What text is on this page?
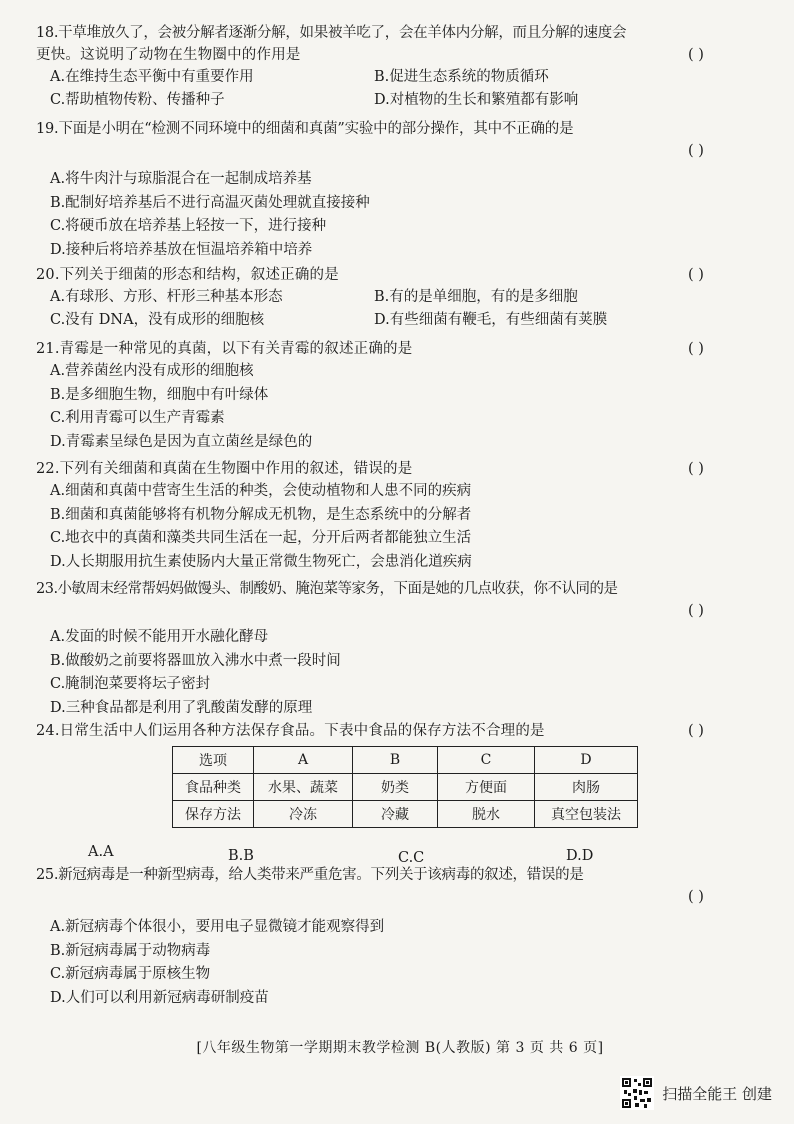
18.干草堆放久了，会被分解者逐渐分解，如果被羊吃了，会在羊体内分解，而且分解的速度会
更快。这说明了动物在生物圈中的作用是	( )
A.在维持生态平衡中有重要作用	B.促进生态系统的物质循环
C.帮助植物传粉、传播种子	D.对植物的生长和繁殖都有影响
19.下面是小明在“检测不同环境中的细菌和真菌”实验中的部分操作，其中不正确的是
( )
A.将牛肉汁与琼脂混合在一起制成培养基
B.配制好培养基后不进行高温灭菌处理就直接接种
C.将硬币放在培养基上轻按一下，进行接种
D.接种后将培养基放在恒温培养箱中培养
20.下列关于细菌的形态和结构，叙述正确的是	( )
A.有球形、方形、杆形三种基本形态	B.有的是单细胞，有的是多细胞
C.没有 DNA，没有成形的细胞核	D.有些细菌有鞭毛，有些细菌有荚膜
21.青霉是一种常见的真菌，以下有关青霉的叙述正确的是	( )
A.营养菌丝内没有成形的细胞核
B.是多细胞生物，细胞中有叶绿体
C.利用青霉可以生产青霉素
D.青霉素呈绿色是因为直立菌丝是绿色的
22.下列有关细菌和真菌在生物圈中作用的叙述，错误的是	( )
A.细菌和真菌中营寄生生活的种类，会使动植物和人患不同的疾病
B.细菌和真菌能够将有机物分解成无机物，是生态系统中的分解者
C.地衣中的真菌和藻类共同生活在一起，分开后两者都能独立生活
D.人长期服用抗生素使肠内大量正常微生物死亡，会患消化道疾病
23.小敏周末经常帮妈妈做馒头、制酸奶、腌泡菜等家务，下面是她的几点收获，你不认同的是
( )
A.发面的时候不能用开水融化酵母
B.做酸奶之前要将器皿放入沸水中煮一段时间
C.腌制泡菜要将坛子密封
D.三种食品都是利用了乳酸菌发酵的原理
24.日常生活中人们运用各种方法保存食品。下表中食品的保存方法不合理的是	( )
选项	A	B	C	D
食品种类	水果、蔬菜	奶类	方便面	肉肠
保存方法	冷冻	冷藏	脱水	真空包装法
A.A	B.B	C.C	D.D
25.新冠病毒是一种新型病毒，给人类带来严重危害。下列关于该病毒的叙述，错误的是
( )
A.新冠病毒个体很小，要用电子显微镜才能观察得到
B.新冠病毒属于动物病毒
C.新冠病毒属于原核生物
D.人们可以利用新冠病毒研制疫苗
[八年级生物第一学期期末教学检测 B(人教版) 第 3 页 共 6 页]
扫描全能王 创建
